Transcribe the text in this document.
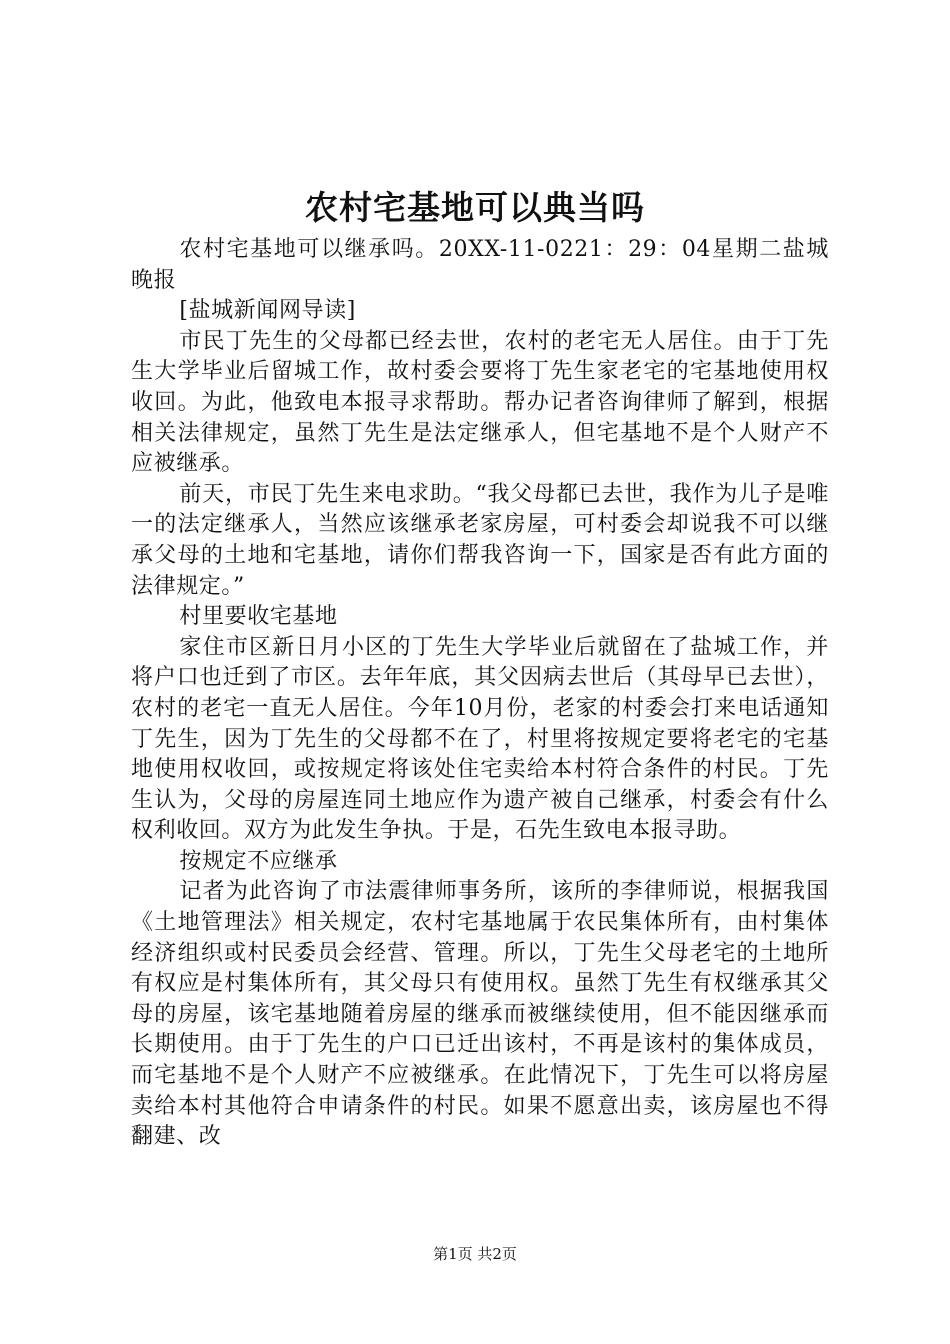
农村宅基地可以典当吗

农村宅基地可以继承吗。20XX-11-0221：29：04星期二盐城晚报

[盐城新闻网导读]

市民丁先生的父母都已经去世，农村的老宅无人居住。由于丁先生大学毕业后留城工作，故村委会要将丁先生家老宅的宅基地使用权收回。为此，他致电本报寻求帮助。帮办记者咨询律师了解到，根据相关法律规定，虽然丁先生是法定继承人，但宅基地不是个人财产不应被继承。

前天，市民丁先生来电求助。“我父母都已去世，我作为儿子是唯一的法定继承人，当然应该继承老家房屋，可村委会却说我不可以继承父母的土地和宅基地，请你们帮我咨询一下，国家是否有此方面的法律规定。”

村里要收宅基地

家住市区新日月小区的丁先生大学毕业后就留在了盐城工作，并将户口也迁到了市区。去年年底，其父因病去世后（其母早已去世），农村的老宅一直无人居住。今年10月份，老家的村委会打来电话通知丁先生，因为丁先生的父母都不在了，村里将按规定要将老宅的宅基地使用权收回，或按规定将该处住宅卖给本村符合条件的村民。丁先生认为，父母的房屋连同土地应作为遗产被自己继承，村委会有什么权利收回。双方为此发生争执。于是，石先生致电本报寻助。

按规定不应继承

记者为此咨询了市法震律师事务所，该所的李律师说，根据我国《土地管理法》相关规定，农村宅基地属于农民集体所有，由村集体经济组织或村民委员会经营、管理。所以，丁先生父母老宅的土地所有权应是村集体所有，其父母只有使用权。虽然丁先生有权继承其父母的房屋，该宅基地随着房屋的继承而被继续使用，但不能因继承而长期使用。由于丁先生的户口已迁出该村，不再是该村的集体成员，而宅基地不是个人财产不应被继承。在此情况下，丁先生可以将房屋卖给本村其他符合申请条件的村民。如果不愿意出卖，该房屋也不得翻建、改

第1页 共2页
